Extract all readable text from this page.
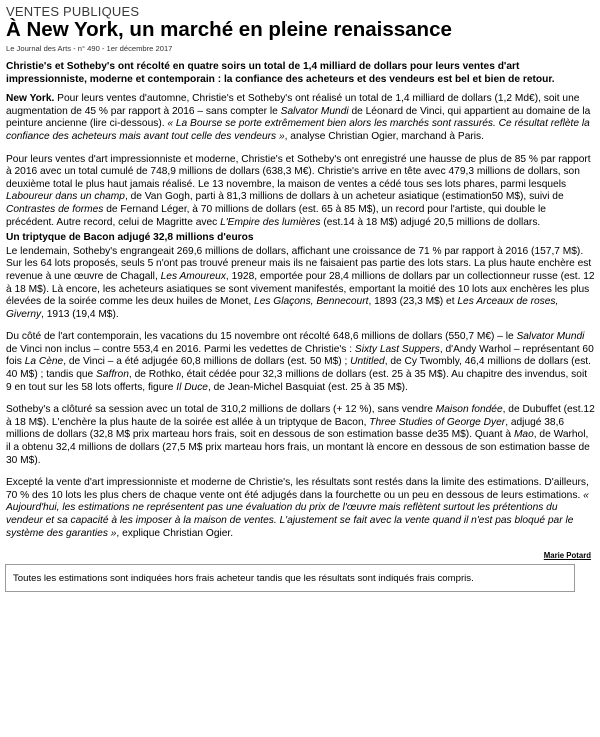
VENTES PUBLIQUES
À New York, un marché en pleine renaissance
Le Journal des Arts - n° 490 - 1er décembre 2017
Christie's et Sotheby's ont récolté en quatre soirs un total de 1,4 milliard de dollars pour leurs ventes d'art impressionniste, moderne et contemporain : la confiance des acheteurs et des vendeurs est bel et bien de retour.

New York. Pour leurs ventes d'automne, Christie's et Sotheby's ont réalisé un total de 1,4 milliard de dollars (1,2 Md€), soit une augmentation de 45 % par rapport à 2016 – sans compter le Salvator Mundi de Léonard de Vinci, qui appartient au domaine de la peinture ancienne (lire ci-dessous). « La Bourse se porte extrêmement bien alors les marchés sont rassurés. Ce résultat reflète la confiance des acheteurs mais avant tout celle des vendeurs », analyse Christian Ogier, marchand à Paris.

Pour leurs ventes d'art impressionniste et moderne, Christie's et Sotheby's ont enregistré une hausse de plus de 85 % par rapport à 2016 avec un total cumulé de 748,9 millions de dollars (638,3 M€). Christie's arrive en tête avec 479,3 millions de dollars, son deuxième total le plus haut jamais réalisé. Le 13 novembre, la maison de ventes a cédé tous ses lots phares, parmi lesquels Laboureur dans un champ, de Van Gogh, parti à 81,3 millions de dollars à un acheteur asiatique (estimation50 M$), suivi de Contrastes de formes de Fernand Léger, à 70 millions de dollars (est. 65 à 85 M$), un record pour l'artiste, qui double le précédent. Autre record, celui de Magritte avec L'Empire des lumières (est.14 à 18 M$) adjugé 20,5 millions de dollars.

Un triptyque de Bacon adjugé 32,8 millions d'euros

Le lendemain, Sotheby's engrangeait 269,6 millions de dollars, affichant une croissance de 71 % par rapport à 2016 (157,7 M$). Sur les 64 lots proposés, seuls 5 n'ont pas trouvé preneur mais ils ne faisaient pas partie des lots stars. La plus haute enchère est revenue à une œuvre de Chagall, Les Amoureux, 1928, emportée pour 28,4 millions de dollars par un collectionneur russe (est. 12 à 18 M$). Là encore, les acheteurs asiatiques se sont vivement manifestés, emportant la moitié des 10 lots aux enchères les plus élevées de la soirée comme les deux huiles de Monet, Les Glaçons, Bennecourt, 1893 (23,3 M$) et Les Arceaux de roses, Giverny, 1913 (19,4 M$).

Du côté de l'art contemporain, les vacations du 15 novembre ont récolté 648,6 millions de dollars (550,7 M€) – le Salvator Mundi de Vinci non inclus – contre 553,4 en 2016. Parmi les vedettes de Christie's : Sixty Last Suppers, d'Andy Warhol – représentant 60 fois La Cène, de Vinci – a été adjugée 60,8 millions de dollars (est. 50 M$) ; Untitled, de Cy Twombly, 46,4 millions de dollars (est. 40 M$) ; tandis que Saffron, de Rothko, était cédée pour 32,3 millions de dollars (est. 25 à 35 M$). Au chapitre des invendus, soit 9 en tout sur les 58 lots offerts, figure Il Duce, de Jean-Michel Basquiat (est. 25 à 35 M$).

Sotheby's a clôturé sa session avec un total de 310,2 millions de dollars (+ 12 %), sans vendre Maison fondée, de Dubuffet (est.12 à 18 M$). L'enchère la plus haute de la soirée est allée à un triptyque de Bacon, Three Studies of George Dyer, adjugé 38,6 millions de dollars (32,8 M$ prix marteau hors frais, soit en dessous de son estimation basse de35 M$). Quant à Mao, de Warhol, il a obtenu 32,4 millions de dollars (27,5 M$ prix marteau hors frais, un montant là encore en dessous de son estimation basse de 30 M$).

Excepté la vente d'art impressionniste et moderne de Christie's, les résultats sont restés dans la limite des estimations. D'ailleurs, 70 % des 10 lots les plus chers de chaque vente ont été adjugés dans la fourchette ou un peu en dessous de leurs estimations. « Aujourd'hui, les estimations ne représentent pas une évaluation du prix de l'œuvre mais reflètent surtout les prétentions du vendeur et sa capacité à les imposer à la maison de ventes. L'ajustement se fait avec la vente quand il n'est pas bloqué par le système des garanties », explique Christian Ogier.

Marie Potard
Toutes les estimations sont indiquées hors frais acheteur tandis que les résultats sont indiqués frais compris.
